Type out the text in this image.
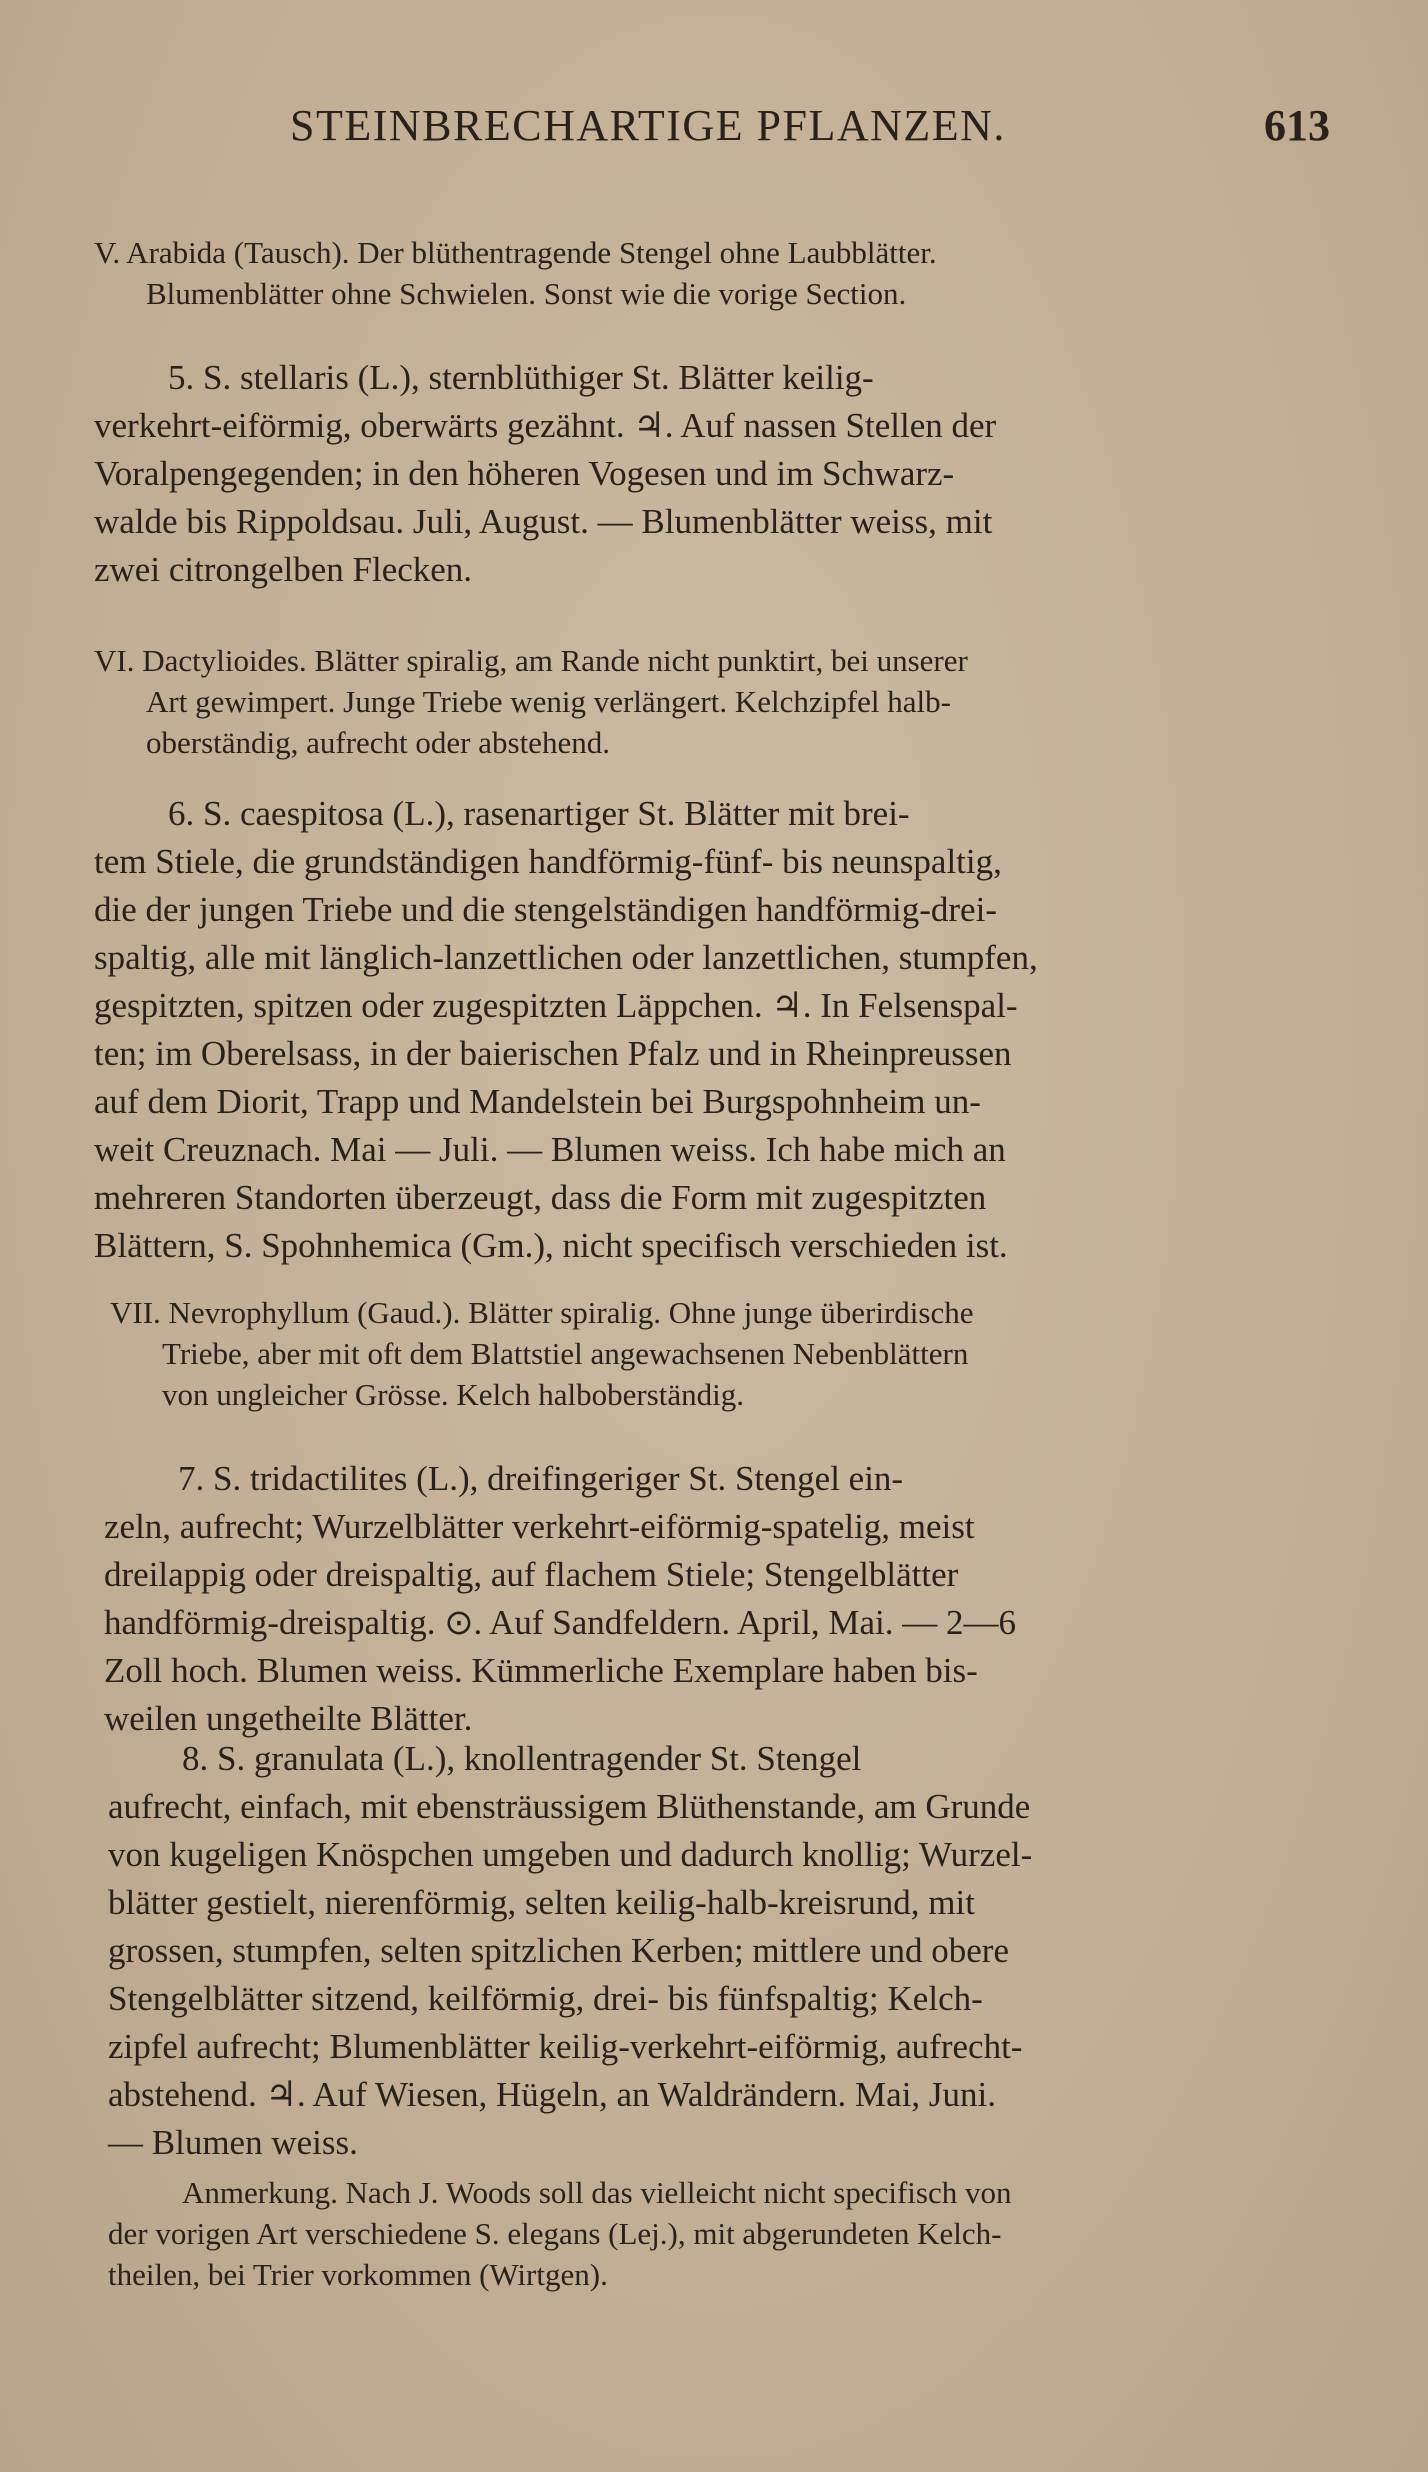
STEINBRECHARTIGE PFLANZEN.	613
V. Arabida (Tausch). Der blüthentragende Stengel ohne Laubblätter.
Blumenblätter ohne Schwielen. Sonst wie die vorige Section.
5. S. stellaris (L.), sternblüthiger St. Blätter keilig-
verkehrt-eiförmig, oberwärts gezähnt. ♃. Auf nassen Stellen der
Voralpengegenden; in den höheren Vogesen und im Schwarz-
walde bis Rippoldsau. Juli, August. — Blumenblätter weiss, mit
zwei citrongelben Flecken.
VI. Dactylioides. Blätter spiralig, am Rande nicht punktirt, bei unserer
Art gewimpert. Junge Triebe wenig verlängert. Kelchzipfel halb-
oberständig, aufrecht oder abstehend.
6. S. caespitosa (L.), rasenartiger St. Blätter mit brei-
tem Stiele, die grundständigen handförmig-fünf- bis neunspaltig,
die der jungen Triebe und die stengelständigen handförmig-drei-
spaltig, alle mit länglich-lanzettlichen oder lanzettlichen, stumpfen,
gespitzten, spitzen oder zugespitzten Läppchen. ♃. In Felsenspal-
ten; im Oberelsass, in der baierischen Pfalz und in Rheinpreussen
auf dem Diorit, Trapp und Mandelstein bei Burgspohnheim un-
weit Creuznach. Mai — Juli. — Blumen weiss. Ich habe mich an
mehreren Standorten überzeugt, dass die Form mit zugespitzten
Blättern, S. Spohnhemica (Gm.), nicht specifisch verschieden ist.
VII. Nevrophyllum (Gaud.). Blätter spiralig. Ohne junge überirdische
Triebe, aber mit oft dem Blattstiel angewachsenen Nebenblättern
von ungleicher Grösse. Kelch halboberständig.
7. S. tridactilites (L.), dreifingeriger St. Stengel ein-
zeln, aufrecht; Wurzelblätter verkehrt-eiförmig-spatelig, meist
dreilappig oder dreispaltig, auf flachem Stiele; Stengelblätter
handförmig-dreispaltig. ⊙. Auf Sandfeldern. April, Mai. — 2—6
Zoll hoch. Blumen weiss. Kümmerliche Exemplare haben bis-
weilen ungetheilte Blätter.
8. S. granulata (L.), knollentragender St. Stengel
aufrecht, einfach, mit ebensträussigem Blüthenstande, am Grunde
von kugeligen Knöspchen umgeben und dadurch knollig; Wurzel-
blätter gestielt, nierenförmig, selten keilig-halb-kreisrund, mit
grossen, stumpfen, selten spitzlichen Kerben; mittlere und obere
Stengelblätter sitzend, keilförmig, drei- bis fünfspaltig; Kelch-
zipfel aufrecht; Blumenblätter keilig-verkehrt-eiförmig, aufrecht-
abstehend. ♃. Auf Wiesen, Hügeln, an Waldrändern. Mai, Juni.
— Blumen weiss.
Anmerkung. Nach J. Woods soll das vielleicht nicht specifisch von
der vorigen Art verschiedene S. elegans (Lej.), mit abgerundeten Kelch-
theilen, bei Trier vorkommen (Wirtgen).
